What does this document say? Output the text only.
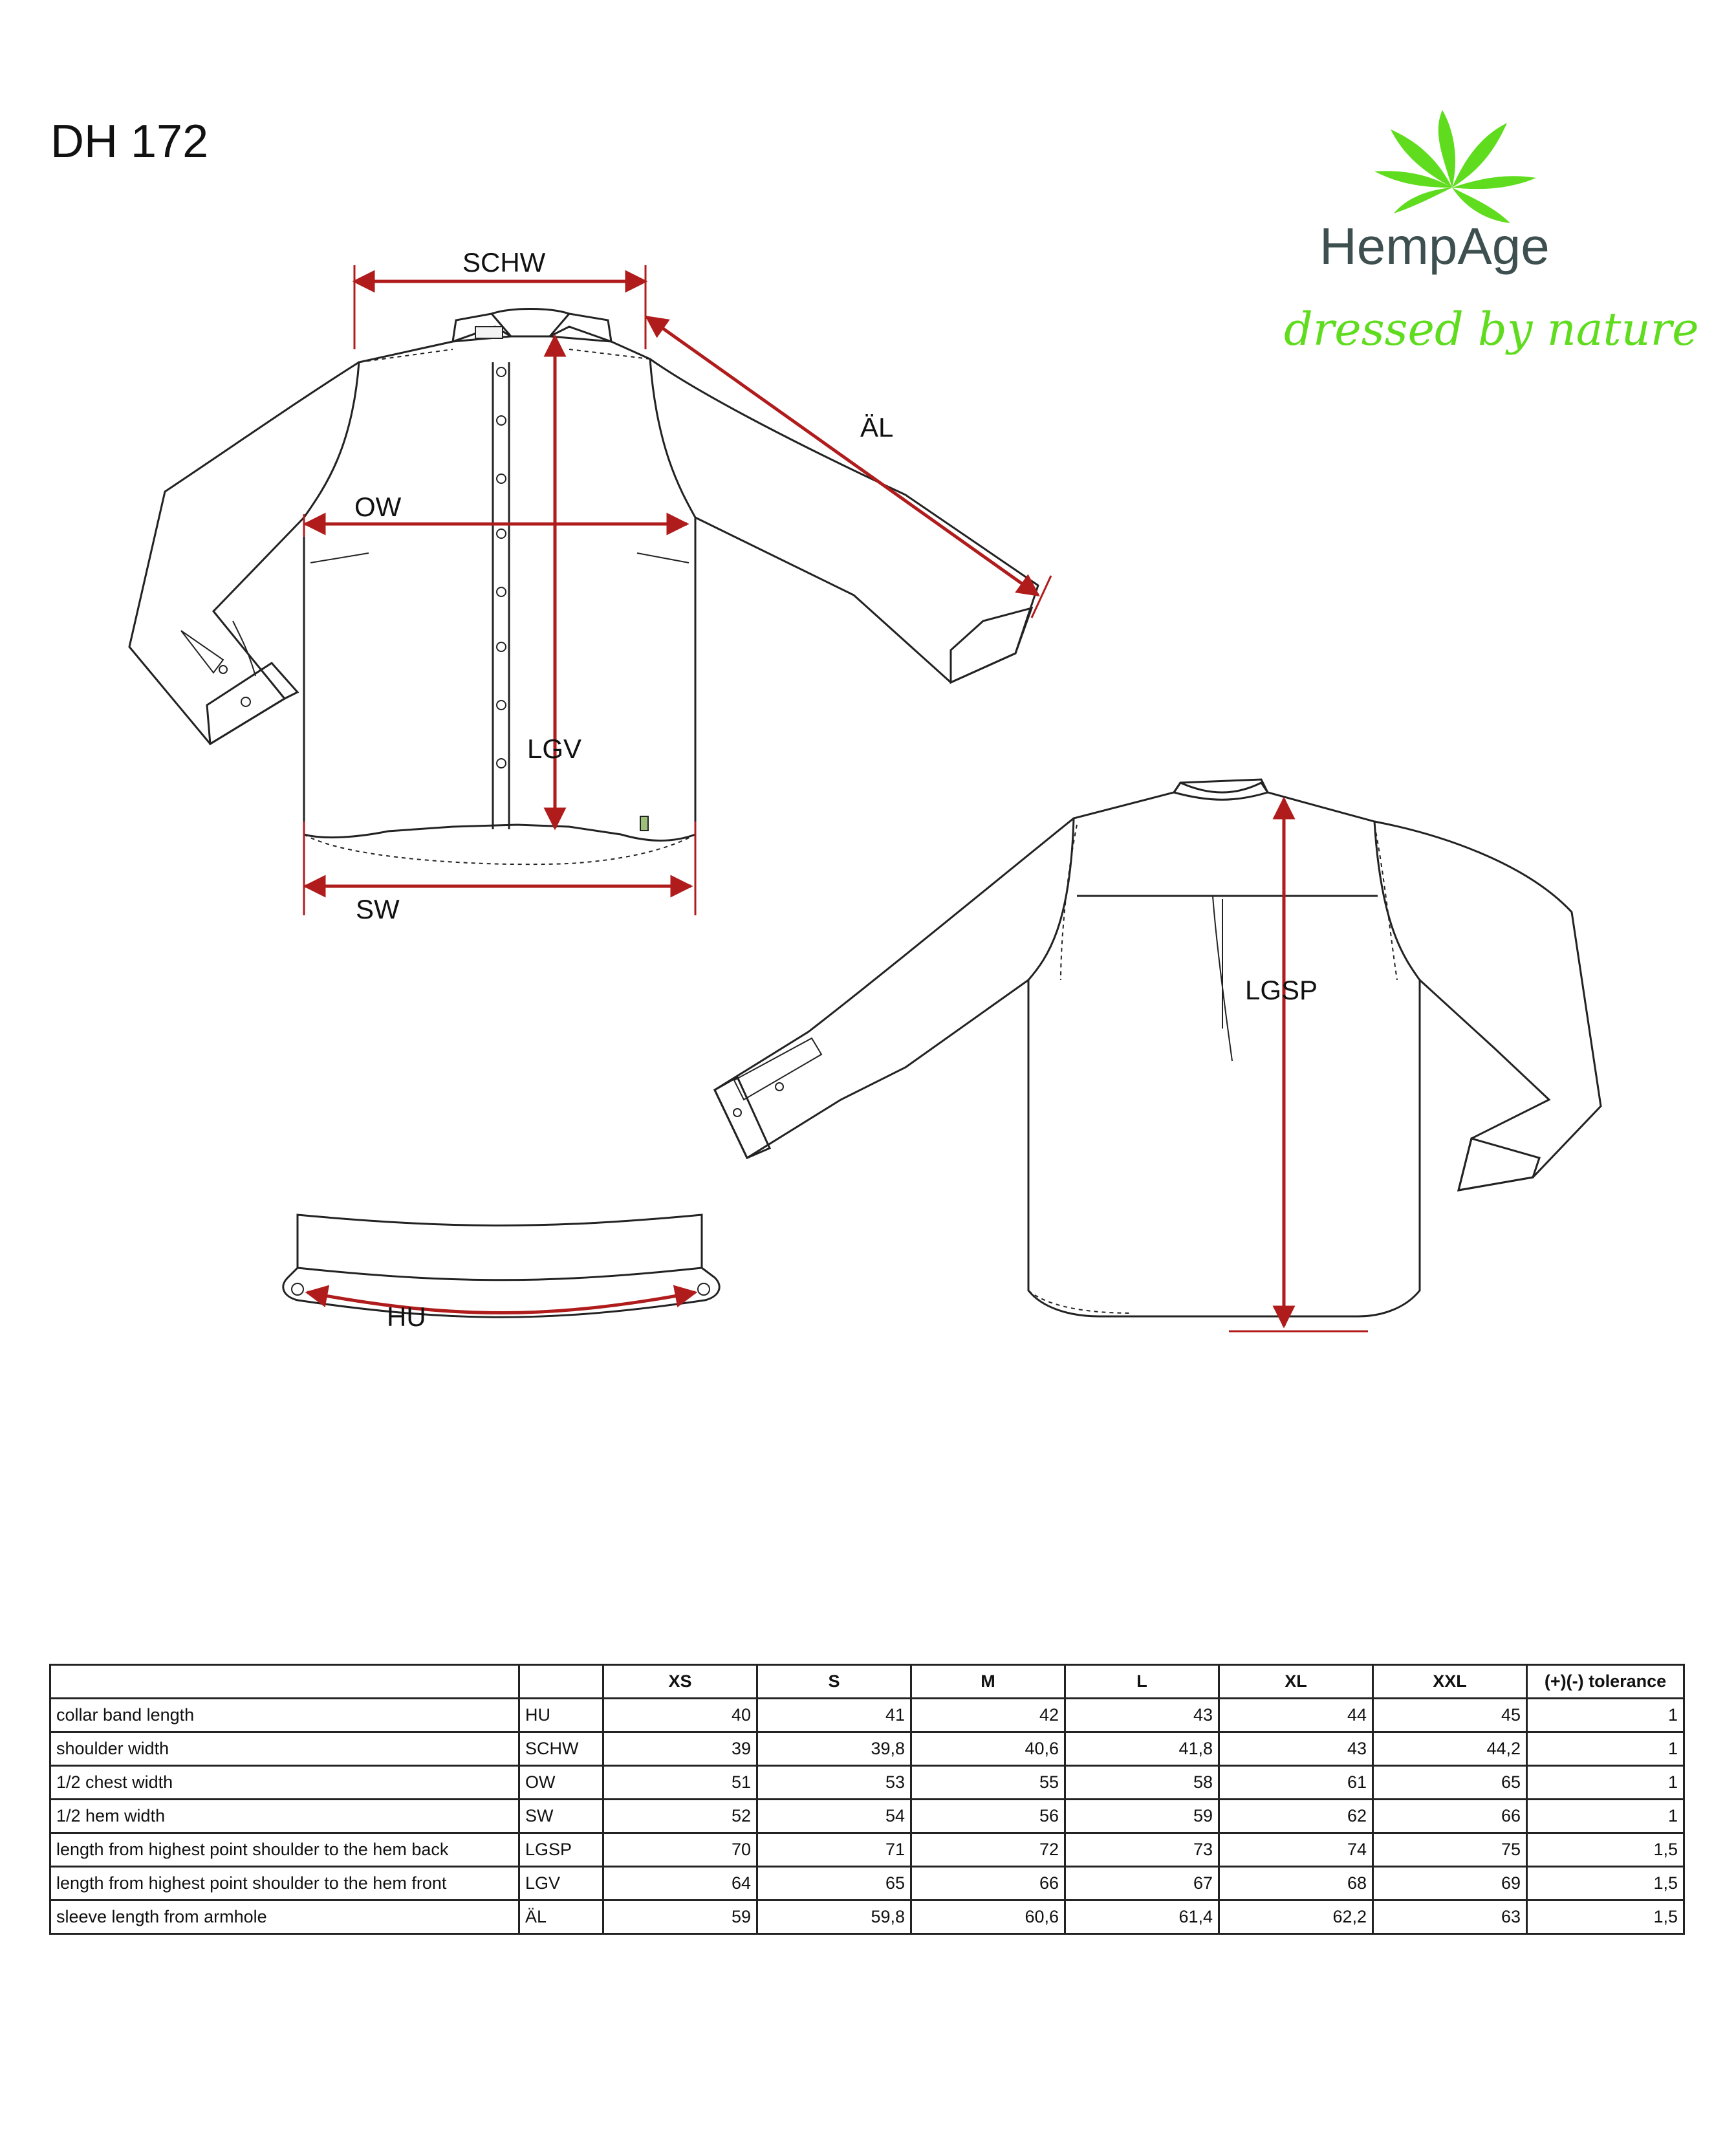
DH 172
SCHW
ÄL
OW
LGV
SW
LGSP
HU
HempAge
dressed by nature
		XS	S	M	L	XL	XXL	(+)(-) tolerance
collar band length	HU	40	41	42	43	44	45	1
shoulder width	SCHW	39	39,8	40,6	41,8	43	44,2	1
1/2 chest width	OW	51	53	55	58	61	65	1
1/2 hem width	SW	52	54	56	59	62	66	1
length from highest point shoulder to the hem back	LGSP	70	71	72	73	74	75	1,5
length from highest point shoulder to the hem front	LGV	64	65	66	67	68	69	1,5
sleeve length from armhole	ÄL	59	59,8	60,6	61,4	62,2	63	1,5
